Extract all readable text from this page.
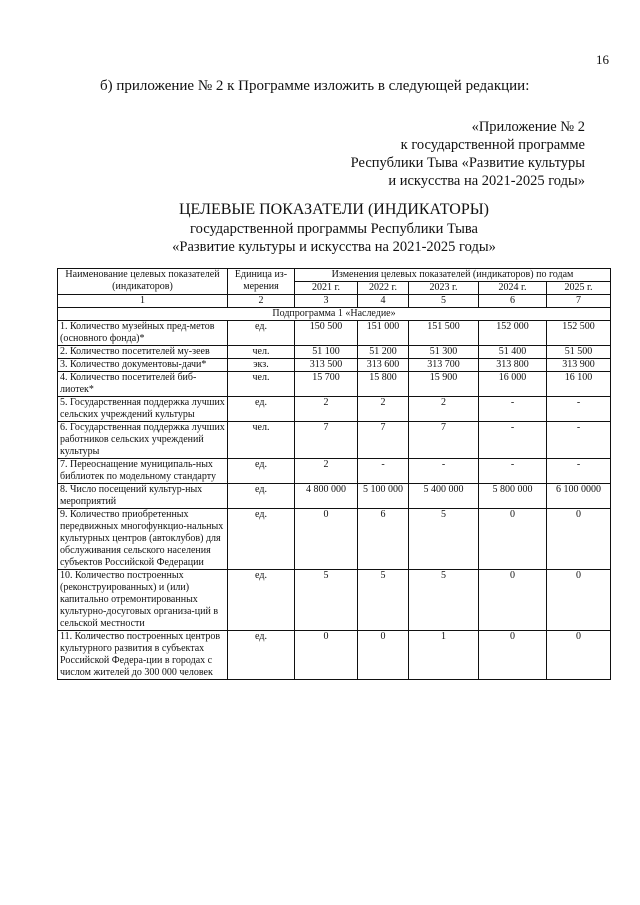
16
б) приложение № 2 к Программе изложить в следующей редакции:
«Приложение № 2
к государственной программе
Республики Тыва «Развитие культуры
и искусства на 2021-2025 годы»
ЦЕЛЕВЫЕ ПОКАЗАТЕЛИ (ИНДИКАТОРЫ)
государственной программы Республики Тыва
«Развитие культуры и искусства на 2021-2025 годы»
Наименование целевых показателей (индикаторов)	Единица из-мерения	Изменения целевых показателей (индикаторов) по годам				
		2021 г.	2022 г.	2023 г.	2024 г.	2025 г.
1	2	3	4	5	6	7
Подпрограмма 1 «Наследие»						
1. Количество музейных пред-метов (основного фонда)*	ед.	150 500	151 000	151 500	152 000	152 500
2. Количество посетителей му-зеев	чел.	51 100	51 200	51 300	51 400	51 500
3. Количество документовы-дачи*	экз.	313 500	313 600	313 700	313 800	313 900
4. Количество посетителей биб-лиотек*	чел.	15 700	15 800	15 900	16 000	16 100
5. Государственная поддержка лучших сельских учреждений культуры	ед.	2	2	2	-	-
6. Государственная поддержка лучших работников сельских учреждений культуры	чел.	7	7	7	-	-
7. Переоснащение муниципаль-ных библиотек по модельному стандарту	ед.	2	-	-	-	-
8. Число посещений культур-ных мероприятий	ед.	4 800 000	5 100 000	5 400 000	5 800 000	6 100 0000
9. Количество приобретенных передвижных многофункцио-нальных культурных центров (автоклубов) для обслуживания сельского населения субъектов Российской Федерации	ед.	0	6	5	0	0
10. Количество построенных (реконструированных) и (или) капитально отремонтированных культурно-досуговых организа-ций в сельской местности	ед.	5	5	5	0	0
11. Количество построенных центров культурного развития в субъектах Российской Федера-ции в городах с числом жителей до 300 000 человек	ед.	0	0	1	0	0
